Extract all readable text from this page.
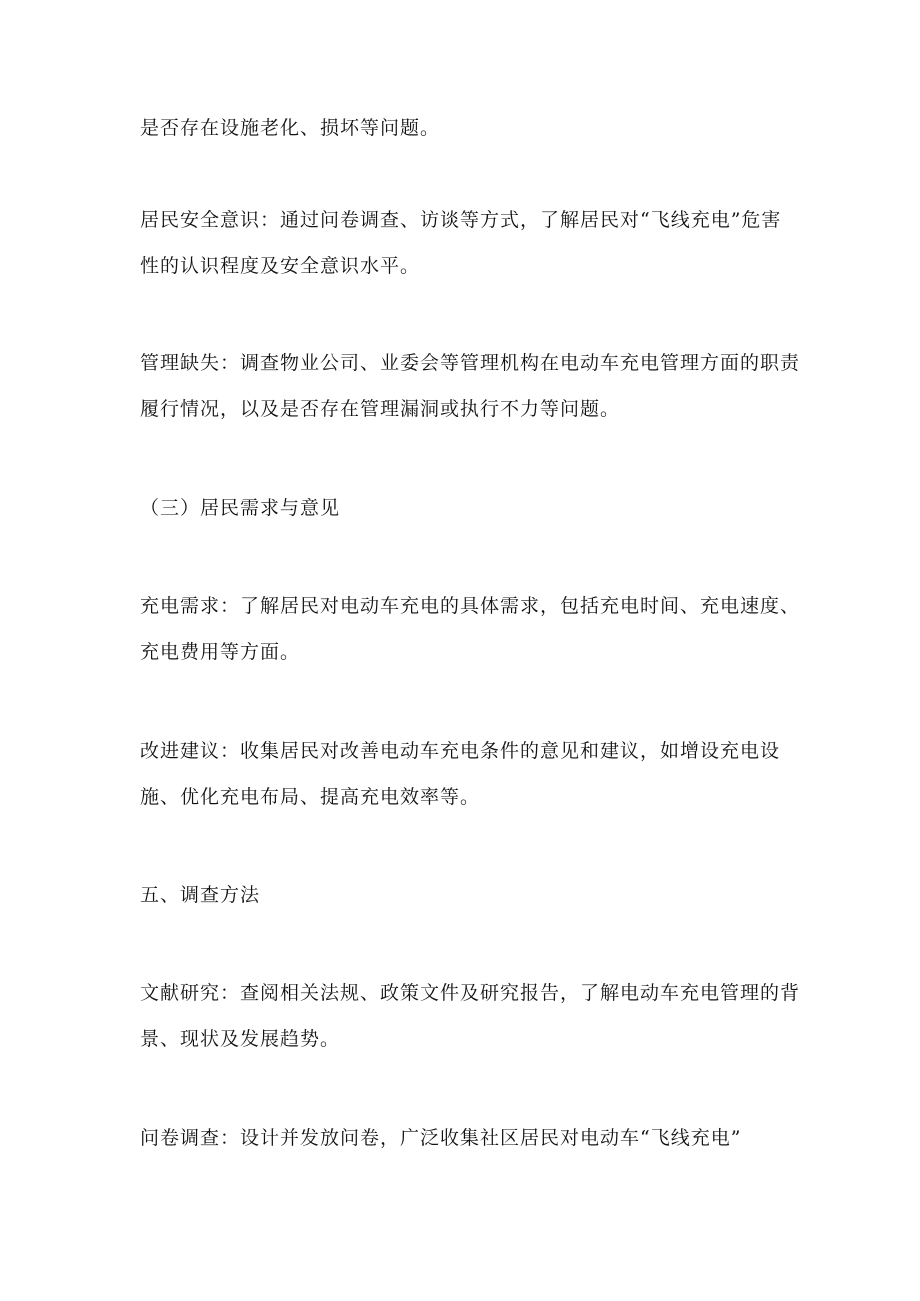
是否存在设施老化、损坏等问题。

居民安全意识：通过问卷调查、访谈等方式，了解居民对“飞线充电”危害性的认识程度及安全意识水平。

管理缺失：调查物业公司、业委会等管理机构在电动车充电管理方面的职责履行情况，以及是否存在管理漏洞或执行不力等问题。

（三）居民需求与意见

充电需求：了解居民对电动车充电的具体需求，包括充电时间、充电速度、充电费用等方面。

改进建议：收集居民对改善电动车充电条件的意见和建议，如增设充电设施、优化充电布局、提高充电效率等。

五、调查方法

文献研究：查阅相关法规、政策文件及研究报告，了解电动车充电管理的背景、现状及发展趋势。

问卷调查：设计并发放问卷，广泛收集社区居民对电动车“飞线充电”
